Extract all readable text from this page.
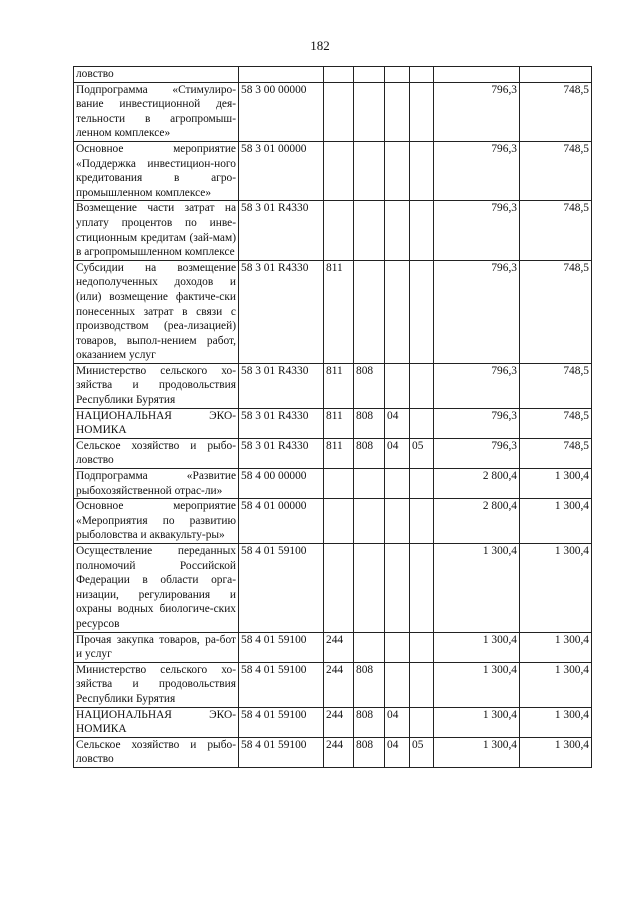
182
ловство							
Подпрограмма «Стимулиро-вание инвестиционной дея-тельности в агропромыш-ленном комплексе»	58 3 00 00000					796,3	748,5
Основное мероприятие «Поддержка инвестицион-ного кредитования в агро-промышленном комплексе»	58 3 01 00000					796,3	748,5
Возмещение части затрат на уплату процентов по инве-стиционным кредитам (зай-мам) в агропромышленном комплексе	58 3 01 R4330					796,3	748,5
Субсидии на возмещение недополученных доходов и (или) возмещение фактиче-ски понесенных затрат в связи с производством (реа-лизацией) товаров, выпол-нением работ, оказанием услуг	58 3 01 R4330	811				796,3	748,5
Министерство сельского хо-зяйства и продовольствия Республики Бурятия	58 3 01 R4330	811	808			796,3	748,5
НАЦИОНАЛЬНАЯ ЭКО-НОМИКА	58 3 01 R4330	811	808	04		796,3	748,5
Сельское хозяйство и рыбо-ловство	58 3 01 R4330	811	808	04	05	796,3	748,5
Подпрограмма «Развитие рыбохозяйственной отрас-ли»	58 4 00 00000					2 800,4	1 300,4
Основное мероприятие «Мероприятия по развитию рыболовства и аквакульту-ры»	58 4 01 00000					2 800,4	1 300,4
Осуществление переданных полномочий Российской Федерации в области орга-низации, регулирования и охраны водных биологиче-ских ресурсов	58 4 01 59100					1 300,4	1 300,4
Прочая закупка товаров, ра-бот и услуг	58 4 01 59100	244				1 300,4	1 300,4
Министерство сельского хо-зяйства и продовольствия Республики Бурятия	58 4 01 59100	244	808			1 300,4	1 300,4
НАЦИОНАЛЬНАЯ ЭКО-НОМИКА	58 4 01 59100	244	808	04		1 300,4	1 300,4
Сельское хозяйство и рыбо-ловство	58 4 01 59100	244	808	04	05	1 300,4	1 300,4
